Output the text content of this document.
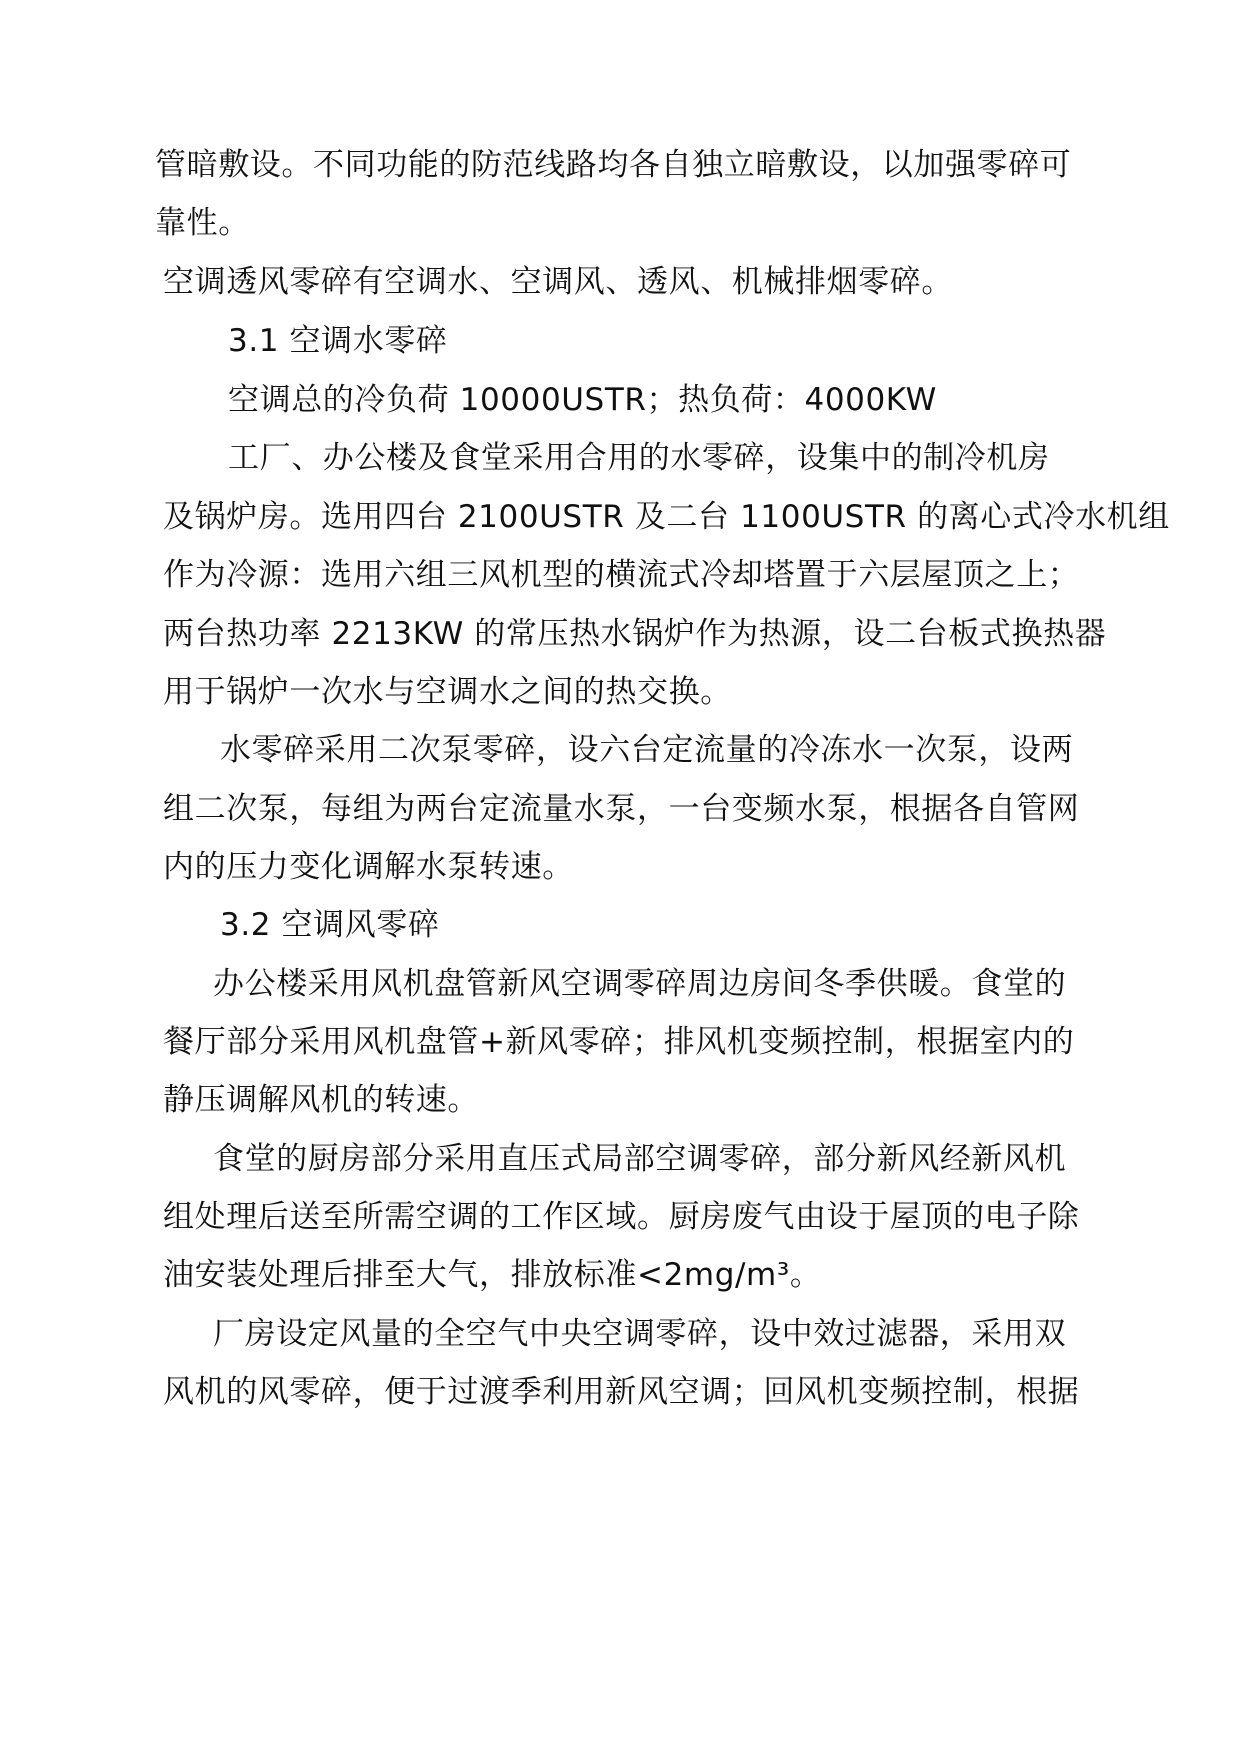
管暗敷设。不同功能的防范线路均各自独立暗敷设，以加强零碎可
靠性。
空调透风零碎有空调水、空调风、透风、机械排烟零碎。
3.1 空调水零碎
空调总的冷负荷 10000USTR；热负荷：4000KW
工厂、办公楼及食堂采用合用的水零碎，设集中的制冷机房
及锅炉房。选用四台 2100USTR 及二台 1100USTR 的离心式冷水机组
作为冷源：选用六组三风机型的横流式冷却塔置于六层屋顶之上；
两台热功率 2213KW 的常压热水锅炉作为热源，设二台板式换热器
用于锅炉一次水与空调水之间的热交换。
水零碎采用二次泵零碎，设六台定流量的冷冻水一次泵，设两
组二次泵，每组为两台定流量水泵，一台变频水泵，根据各自管网
内的压力变化调解水泵转速。
3.2 空调风零碎
办公楼采用风机盘管新风空调零碎周边房间冬季供暖。食堂的
餐厅部分采用风机盘管+新风零碎；排风机变频控制，根据室内的
静压调解风机的转速。
食堂的厨房部分采用直压式局部空调零碎，部分新风经新风机
组处理后送至所需空调的工作区域。厨房废气由设于屋顶的电子除
油安装处理后排至大气，排放标准<2mg/m³。
厂房设定风量的全空气中央空调零碎，设中效过滤器，采用双
风机的风零碎，便于过渡季利用新风空调；回风机变频控制，根据
